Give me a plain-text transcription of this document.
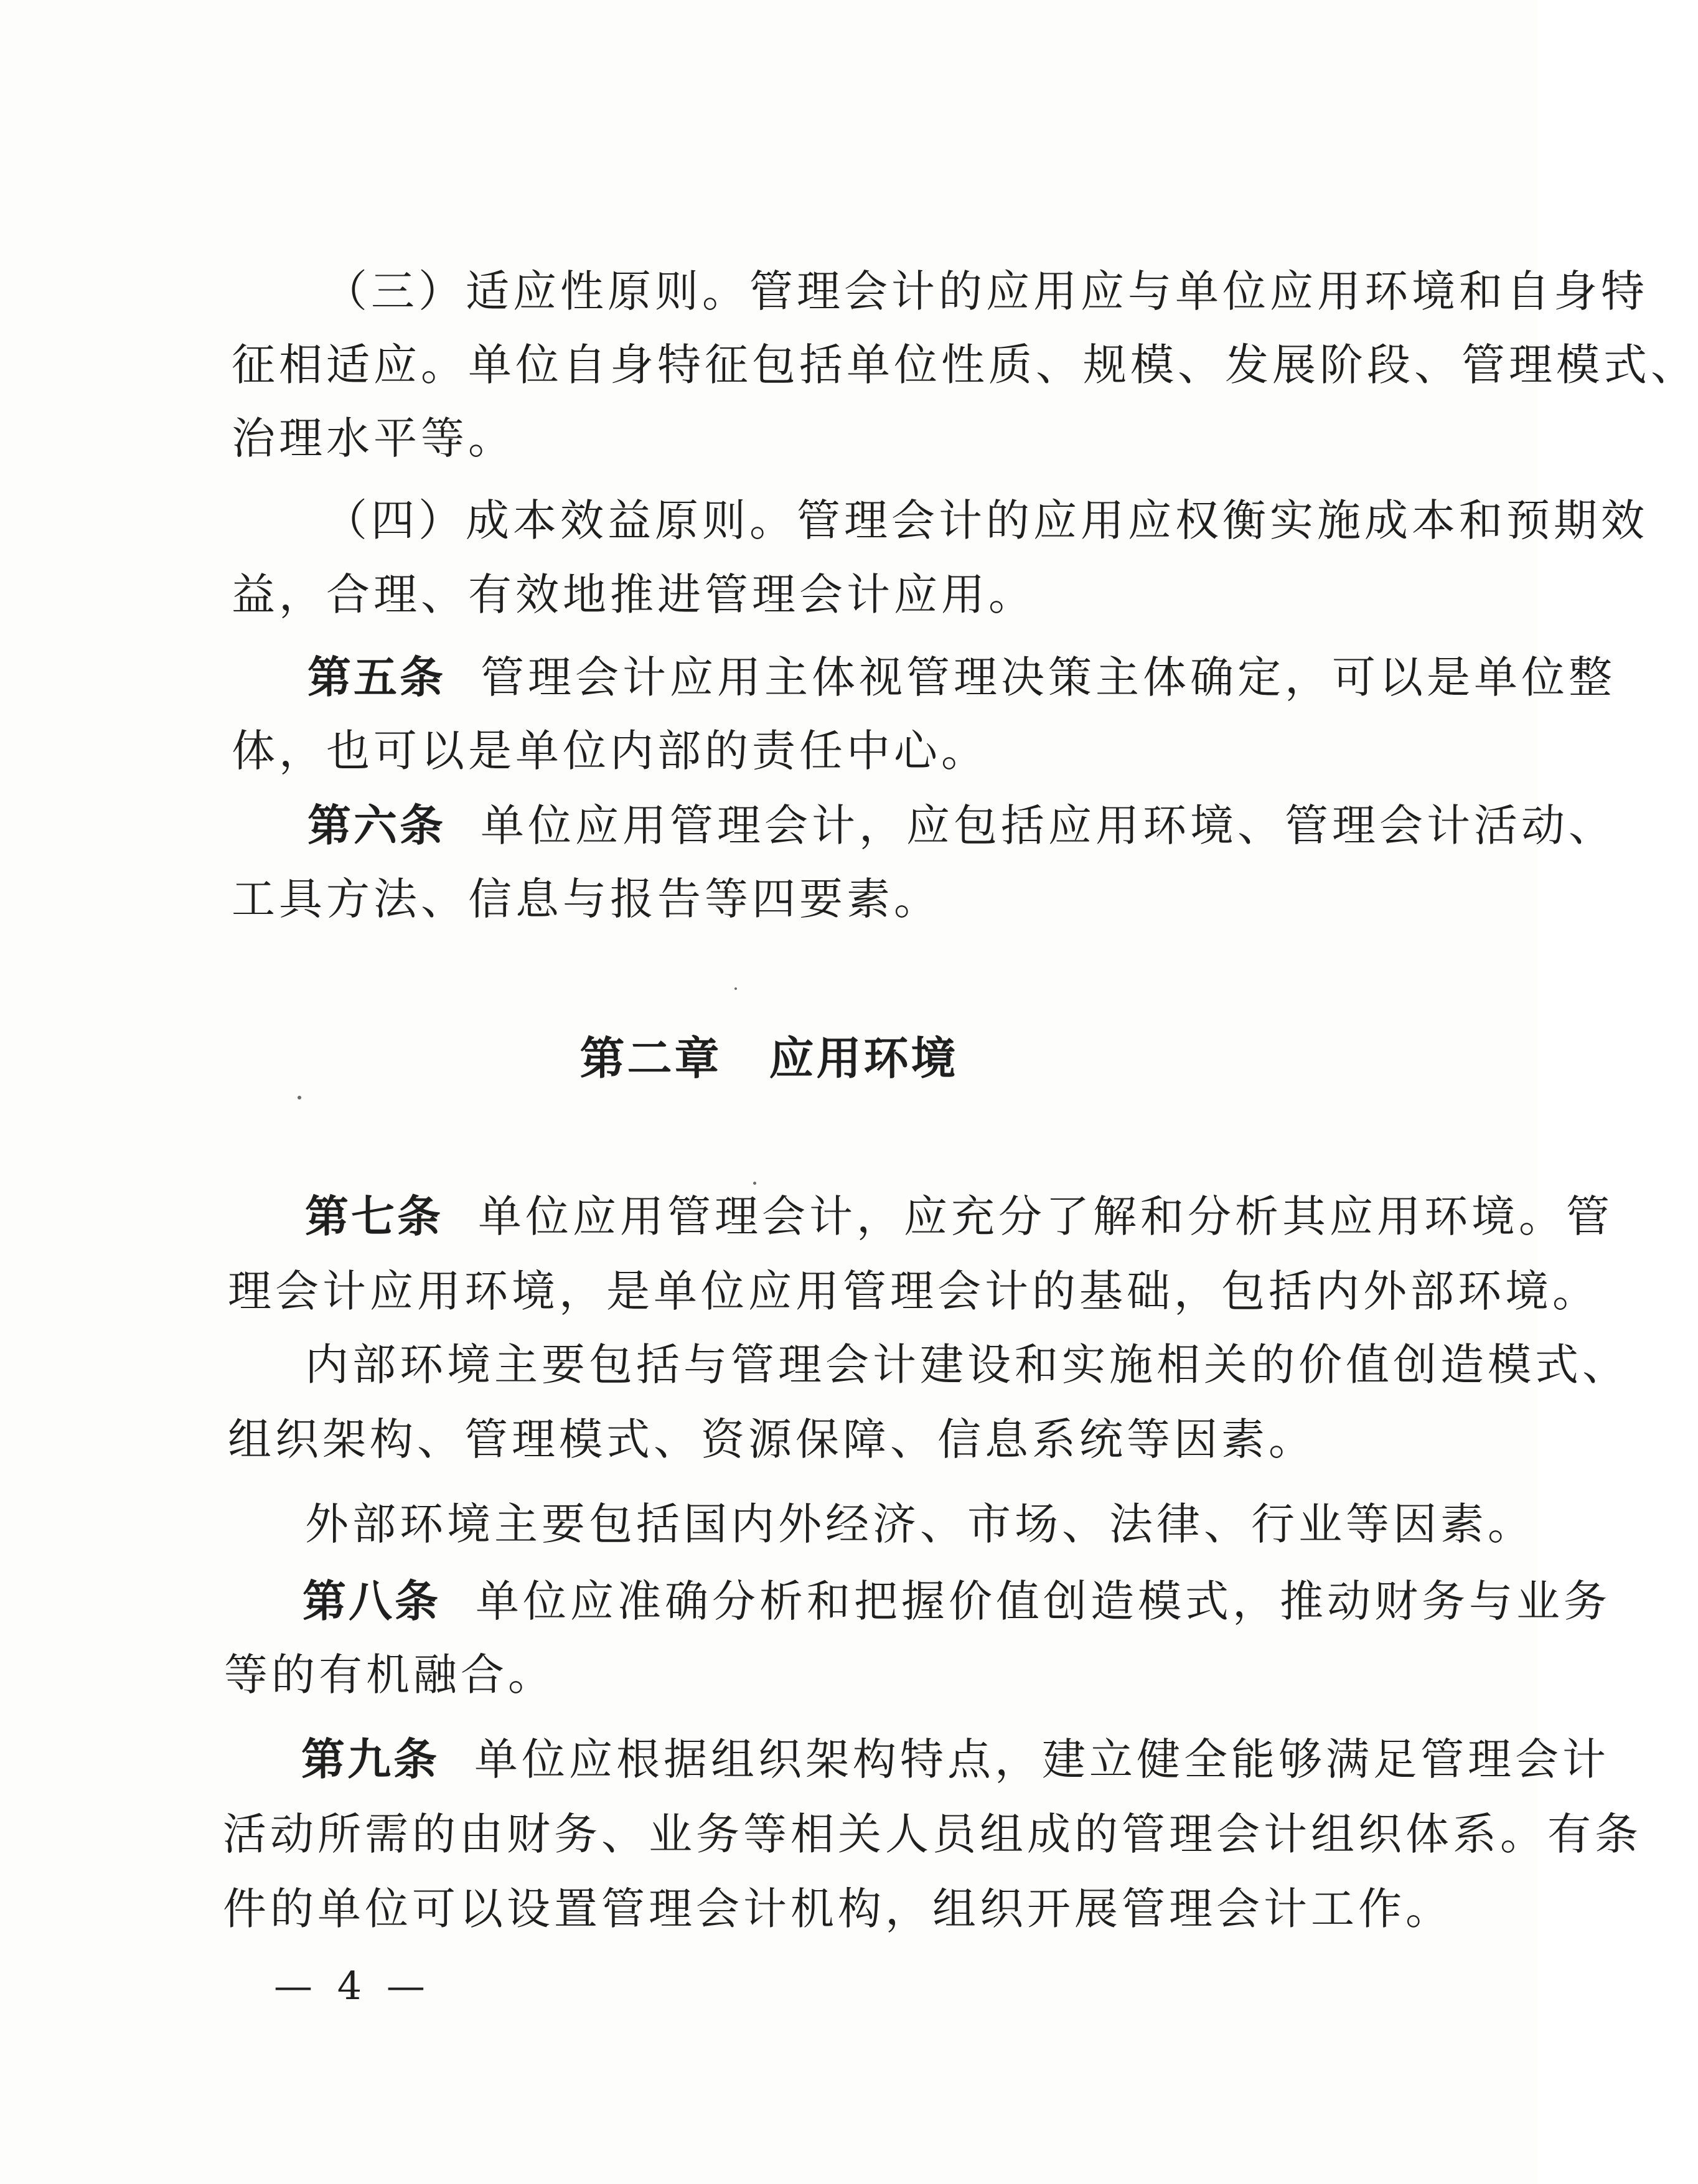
（三）适应性原则。管理会计的应用应与单位应用环境和自身特
征相适应。单位自身特征包括单位性质、规模、发展阶段、管理模式、
治理水平等。
（四）成本效益原则。管理会计的应用应权衡实施成本和预期效
益，合理、有效地推进管理会计应用。
第五条 管理会计应用主体视管理决策主体确定，可以是单位整
体，也可以是单位内部的责任中心。
第六条 单位应用管理会计，应包括应用环境、管理会计活动、
工具方法、信息与报告等四要素。
第二章　应用环境
第七条 单位应用管理会计，应充分了解和分析其应用环境。管
理会计应用环境，是单位应用管理会计的基础，包括内外部环境。
内部环境主要包括与管理会计建设和实施相关的价值创造模式、
组织架构、管理模式、资源保障、信息系统等因素。
外部环境主要包括国内外经济、市场、法律、行业等因素。
第八条 单位应准确分析和把握价值创造模式，推动财务与业务
等的有机融合。
第九条 单位应根据组织架构特点，建立健全能够满足管理会计
活动所需的由财务、业务等相关人员组成的管理会计组织体系。有条
件的单位可以设置管理会计机构，组织开展管理会计工作。
— 4 —
